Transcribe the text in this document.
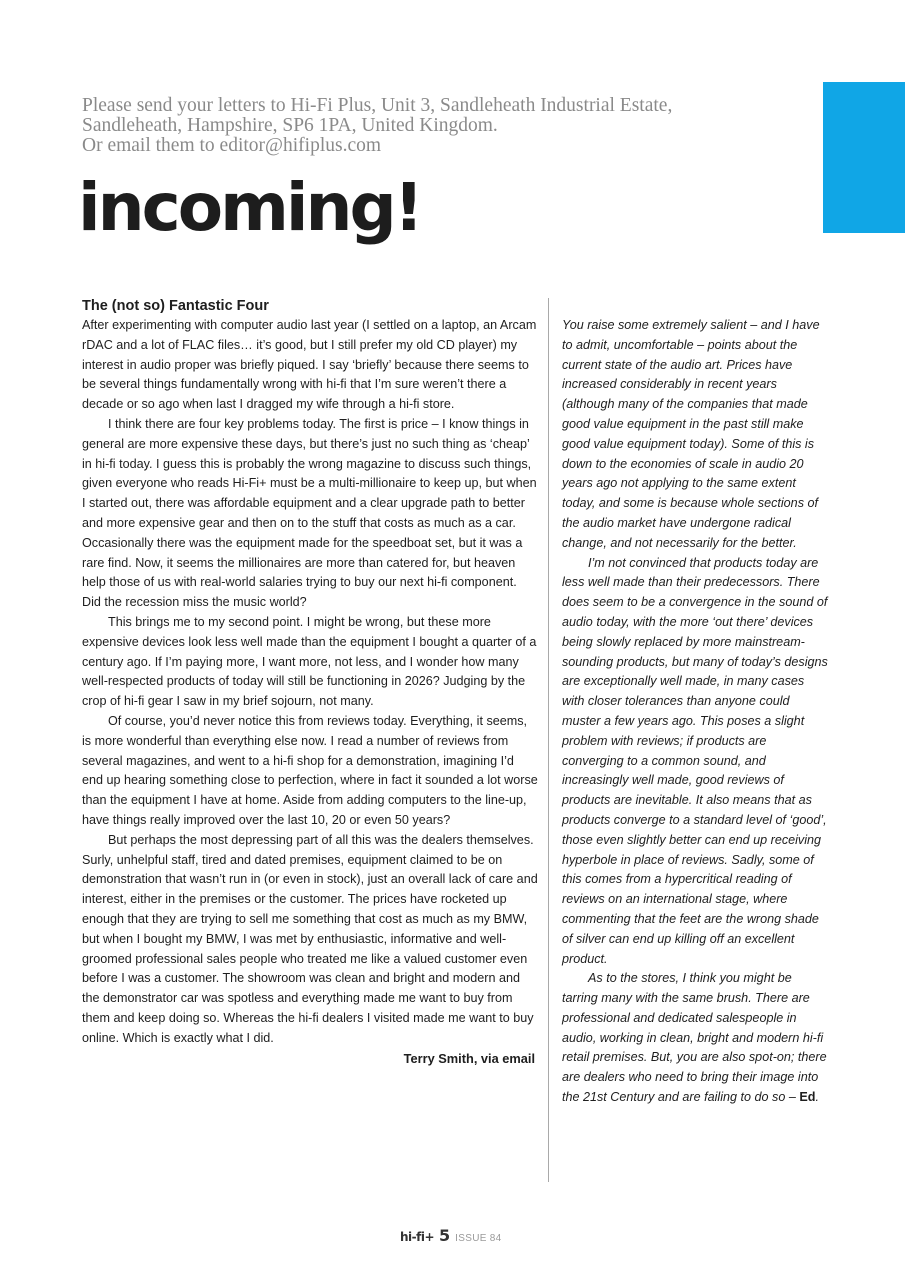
Please send your letters to Hi-Fi Plus, Unit 3, Sandleheath Industrial Estate,
Sandleheath, Hampshire, SP6 1PA, United Kingdom.
Or email them to editor@hifiplus.com
incoming!
The (not so) Fantastic Four

After experimenting with computer audio last year (I settled on a laptop, an Arcam rDAC and a lot of FLAC files… it’s good, but I still prefer my old CD player) my interest in audio proper was briefly piqued. I say ‘briefly’ because there seems to be several things fundamentally wrong with hi-fi that I’m sure weren’t there a decade or so ago when last I dragged my wife through a hi-fi store.

I think there are four key problems today. The first is price – I know things in general are more expensive these days, but there’s just no such thing as ‘cheap’ in hi-fi today. I guess this is probably the wrong magazine to discuss such things, given everyone who reads Hi-Fi+ must be a multi-millionaire to keep up, but when I started out, there was affordable equipment and a clear upgrade path to better and more expensive gear and then on to the stuff that costs as much as a car. Occasionally there was the equipment made for the speedboat set, but it was a rare find. Now, it seems the millionaires are more than catered for, but heaven help those of us with real-world salaries trying to buy our next hi-fi component. Did the recession miss the music world?

This brings me to my second point. I might be wrong, but these more expensive devices look less well made than the equipment I bought a quarter of a century ago. If I’m paying more, I want more, not less, and I wonder how many well-respected products of today will still be functioning in 2026? Judging by the crop of hi-fi gear I saw in my brief sojourn, not many.

Of course, you’d never notice this from reviews today. Everything, it seems, is more wonderful than everything else now. I read a number of reviews from several magazines, and went to a hi-fi shop for a demonstration, imagining I’d end up hearing something close to perfection, where in fact it sounded a lot worse than the equipment I have at home. Aside from adding computers to the line-up, have things really improved over the last 10, 20 or even 50 years?

But perhaps the most depressing part of all this was the dealers themselves. Surly, unhelpful staff, tired and dated premises, equipment claimed to be on demonstration that wasn’t run in (or even in stock), just an overall lack of care and interest, either in the premises or the customer. The prices have rocketed up enough that they are trying to sell me something that cost as much as my BMW, but when I bought my BMW, I was met by enthusiastic, informative and well-groomed professional sales people who treated me like a valued customer even before I was a customer. The showroom was clean and bright and modern and the demonstrator car was spotless and everything made me want to buy from them and keep doing so. Whereas the hi-fi dealers I visited made me want to buy online. Which is exactly what I did.

Terry Smith, via email

You raise some extremely salient – and I have to admit, uncomfortable – points about the current state of the audio art. Prices have increased considerably in recent years (although many of the companies that made good value equipment in the past still make good value equipment today). Some of this is down to the economies of scale in audio 20 years ago not applying to the same extent today, and some is because whole sections of the audio market have undergone radical change, and not necessarily for the better.

I’m not convinced that products today are less well made than their predecessors. There does seem to be a convergence in the sound of audio today, with the more ‘out there’ devices being slowly replaced by more mainstream-sounding products, but many of today’s designs are exceptionally well made, in many cases with closer tolerances than anyone could muster a few years ago. This poses a slight problem with reviews; if products are converging to a common sound, and increasingly well made, good reviews of products are inevitable. It also means that as products converge to a standard level of ‘good’, those even slightly better can end up receiving hyperbole in place of reviews. Sadly, some of this comes from a hypercritical reading of reviews on an international stage, where commenting that the feet are the wrong shade of silver can end up killing off an excellent product.

As to the stores, I think you might be tarring many with the same brush. There are professional and dedicated salespeople in audio, working in clean, bright and modern hi-fi retail premises. But, you are also spot-on; there are dealers who need to bring their image into the 21st Century and are failing to do so – Ed.

hi-fi+ 5 ISSUE 84
